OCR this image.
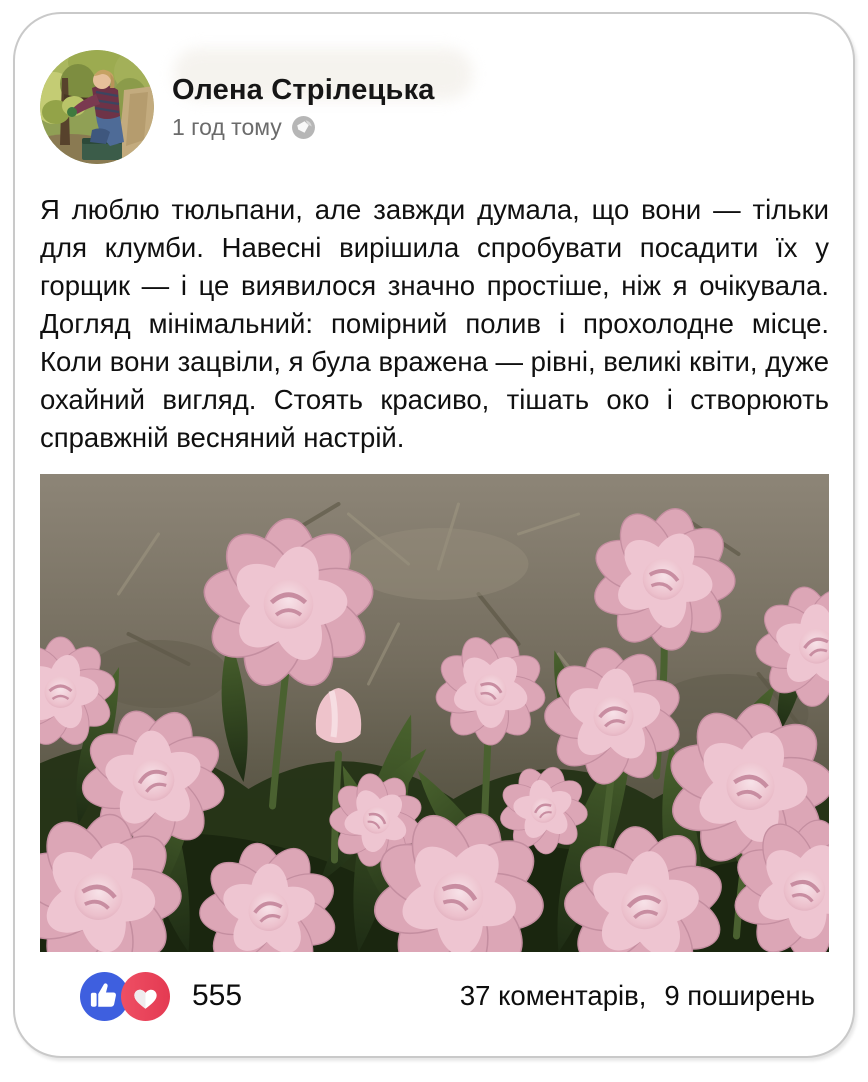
Олена Стрілецька
1 год тому
Я люблю тюльпани, але завжди думала, що вони — тільки для клумби. Навесні вирішила спробувати посадити їх у горщик — і це виявилося значно простіше, ніж я очікувала. Догляд мінімальний: помірний полив і прохолодне місце. Коли вони зацвіли, я була вражена — рівні, великі квіти, дуже охайний вигляд. Стоять красиво, тішать око і створюють справжній весняний настрій.
555	37 коментарів, 9 поширень
